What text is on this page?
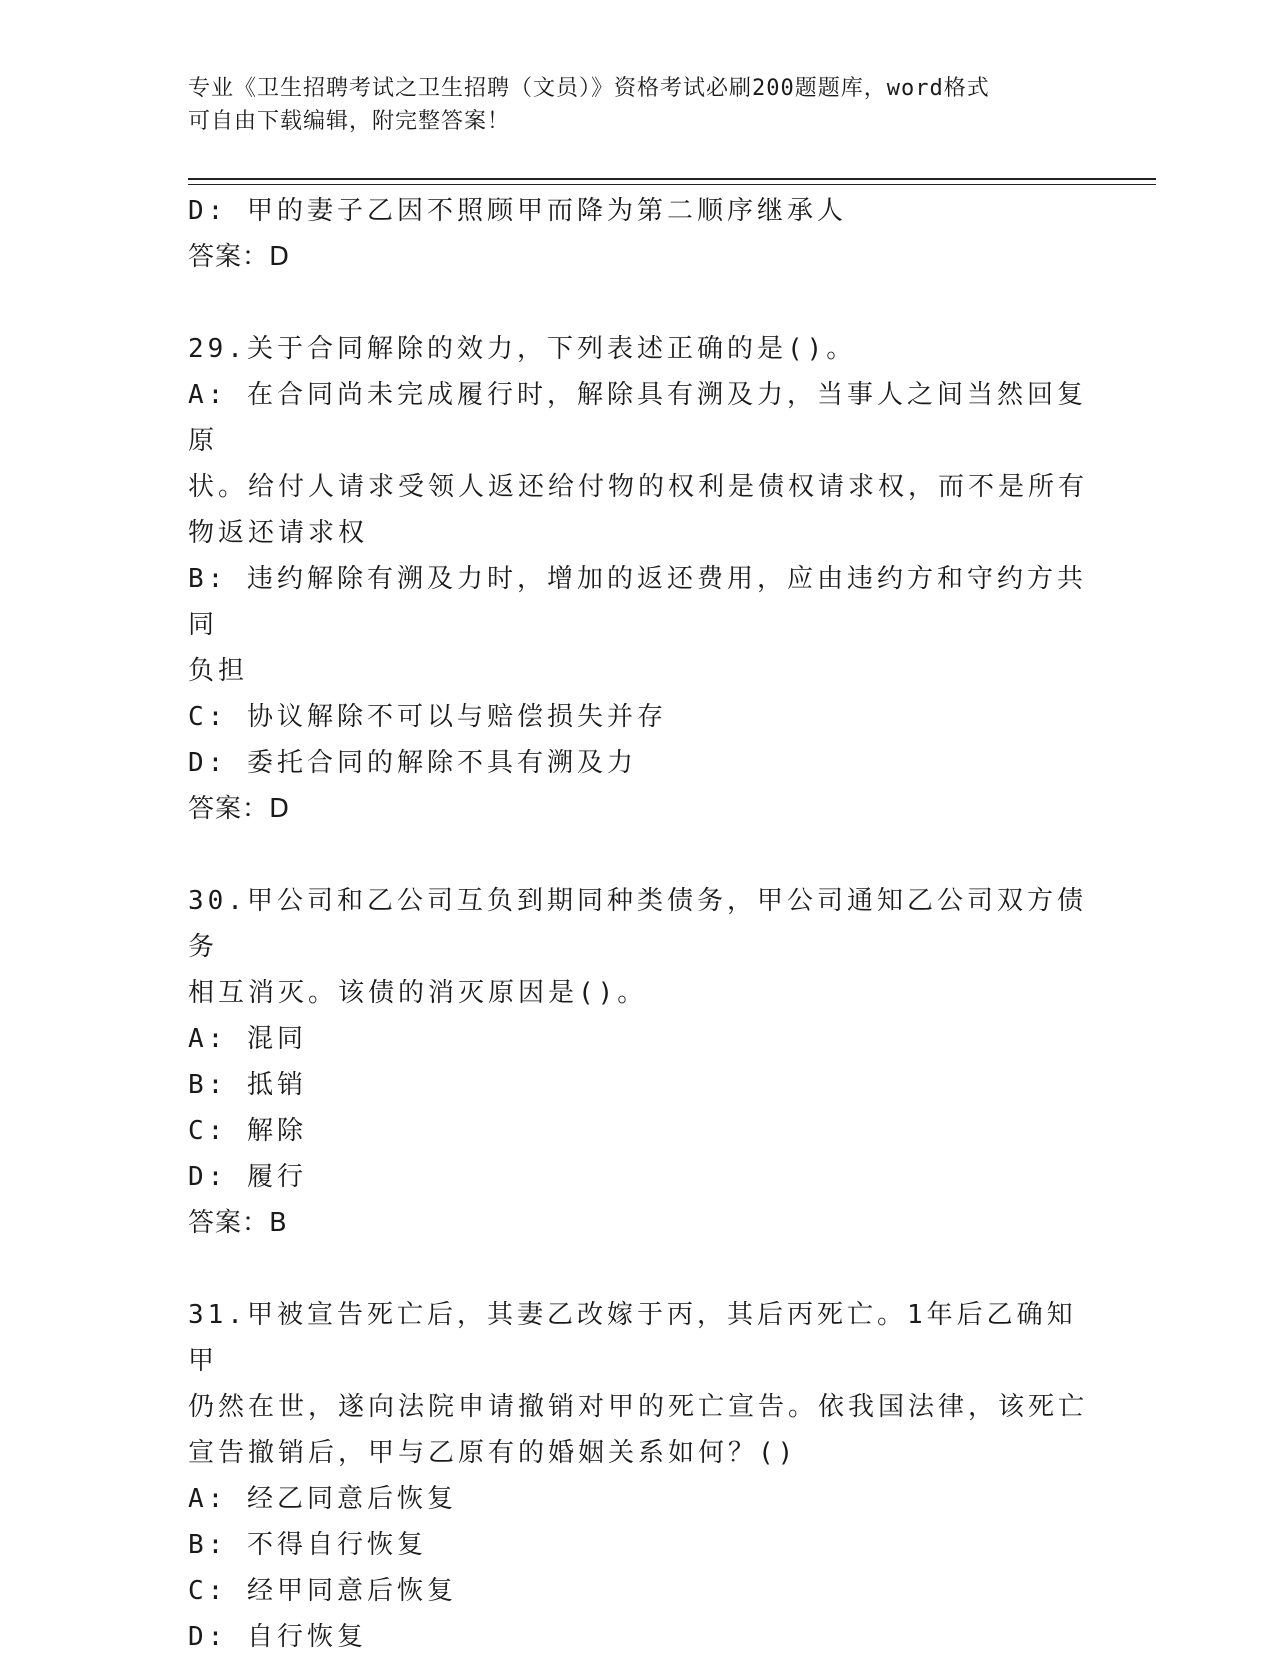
专业《卫生招聘考试之卫生招聘（文员）》资格考试必刷200题题库，word格式
可自由下载编辑，附完整答案！
D: 甲的妻子乙因不照顾甲而降为第二顺序继承人
答案：D
29.关于合同解除的效力，下列表述正确的是()。
A: 在合同尚未完成履行时，解除具有溯及力，当事人之间当然回复原
状。给付人请求受领人返还给付物的权利是债权请求权，而不是所有
物返还请求权
B: 违约解除有溯及力时，增加的返还费用，应由违约方和守约方共同
负担
C: 协议解除不可以与赔偿损失并存
D: 委托合同的解除不具有溯及力
答案：D
30.甲公司和乙公司互负到期同种类债务，甲公司通知乙公司双方债务
相互消灭。该债的消灭原因是()。
A: 混同
B: 抵销
C: 解除
D: 履行
答案：B
31.甲被宣告死亡后，其妻乙改嫁于丙，其后丙死亡。1年后乙确知甲
仍然在世，遂向法院申请撤销对甲的死亡宣告。依我国法律，该死亡
宣告撤销后，甲与乙原有的婚姻关系如何？()
A: 经乙同意后恢复
B: 不得自行恢复
C: 经甲同意后恢复
D: 自行恢复
